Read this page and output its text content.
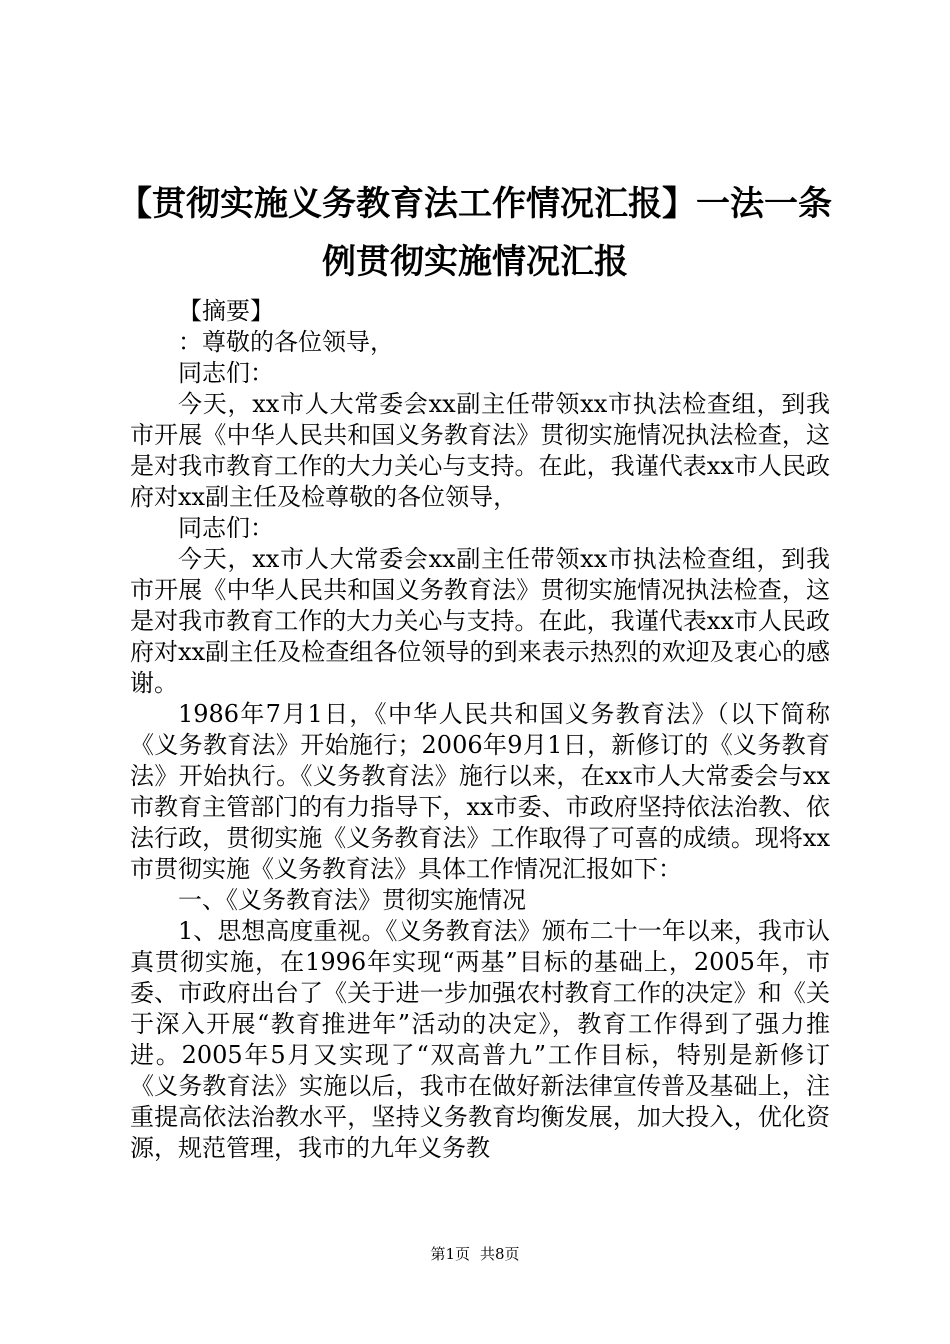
【贯彻实施义务教育法工作情况汇报】一法一条例贯彻实施情况汇报

【摘要】

：尊敬的各位领导，

同志们：

今天，xx市人大常委会xx副主任带领xx市执法检查组，到我市开展《中华人民共和国义务教育法》贯彻实施情况执法检查，这是对我市教育工作的大力关心与支持。在此，我谨代表xx市人民政府对xx副主任及检尊敬的各位领导，

同志们：

今天，xx市人大常委会xx副主任带领xx市执法检查组，到我市开展《中华人民共和国义务教育法》贯彻实施情况执法检查，这是对我市教育工作的大力关心与支持。在此，我谨代表xx市人民政府对xx副主任及检查组各位领导的到来表示热烈的欢迎及衷心的感谢。

1986年7月1日，《中华人民共和国义务教育法》（以下简称《义务教育法》开始施行；2006年9月1日，新修订的《义务教育法》开始执行。《义务教育法》施行以来，在xx市人大常委会与xx市教育主管部门的有力指导下，xx市委、市政府坚持依法治教、依法行政，贯彻实施《义务教育法》工作取得了可喜的成绩。现将xx市贯彻实施《义务教育法》具体工作情况汇报如下：

一、《义务教育法》贯彻实施情况

1、思想高度重视。《义务教育法》颁布二十一年以来，我市认真贯彻实施，在1996年实现“两基”目标的基础上，2005年，市委、市政府出台了《关于进一步加强农村教育工作的决定》和《关于深入开展“教育推进年”活动的决定》，教育工作得到了强力推进。2005年5月又实现了“双高普九”工作目标，特别是新修订《义务教育法》实施以后，我市在做好新法律宣传普及基础上，注重提高依法治教水平，坚持义务教育均衡发展，加大投入，优化资源，规范管理，我市的九年义务教

第1页 共8页
